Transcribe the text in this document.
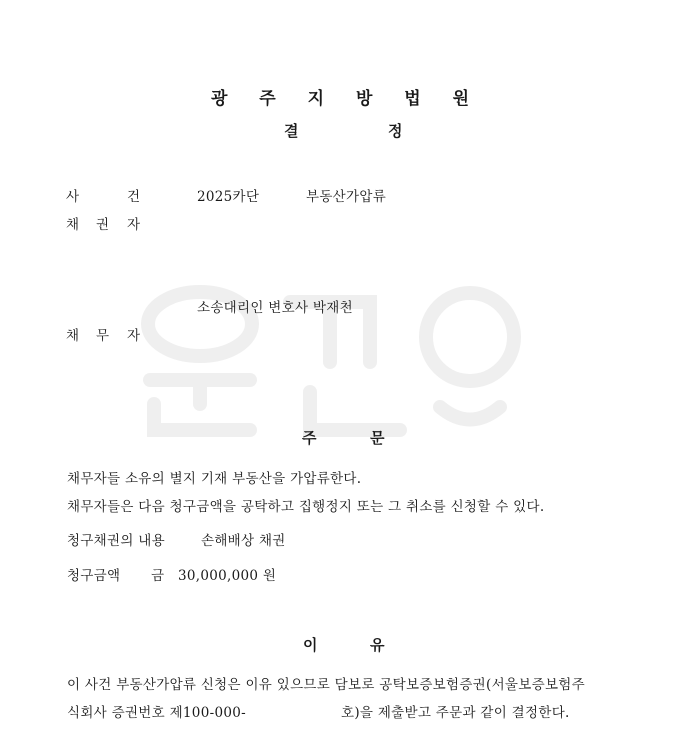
광 주 지 방 법 원
결	정
사	건	2025카단	부동산가압류
채 권 자
소송대리인 변호사 박재천
채 무 자
주	문
채무자들 소유의 별지 기재 부동산을 가압류한다.
채무자들은 다음 청구금액을 공탁하고 집행정지 또는 그 취소를 신청할 수 있다.
청구채권의 내용	손해배상 채권
청구금액 금 30,000,000 원
이	유
이 사건 부동산가압류 신청은 이유 있으므로 담보로 공탁보증보험증권(서울보증보험주
식회사 증권번호 제100-000-	호)을 제출받고 주문과 같이 결정한다.
